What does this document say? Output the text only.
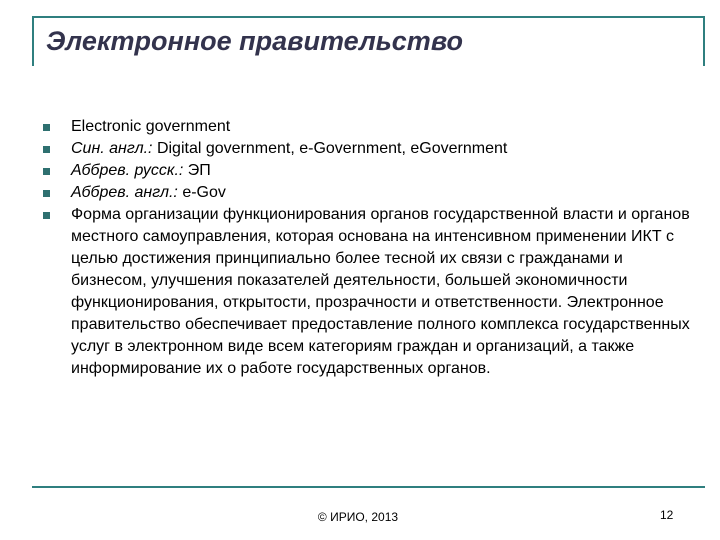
Электронное правительство
Electronic government
Син. англ.: Digital government, e-Government, eGovernment
Аббрев. русск.: ЭП
Аббрев. англ.: e-Gov
Форма организации функционирования органов государственной власти и органов местного самоуправления, которая основана на интенсивном применении ИКТ с целью достижения принципиально более тесной их связи с гражданами и бизнесом, улучшения показателей деятельности, большей экономичности функционирования, открытости, прозрачности и ответственности. Электронное правительство обеспечивает предоставление полного комплекса государственных услуг в электронном виде всем категориям граждан и организаций, а также информирование их о работе государственных органов.
© ИРИО, 2013	12
